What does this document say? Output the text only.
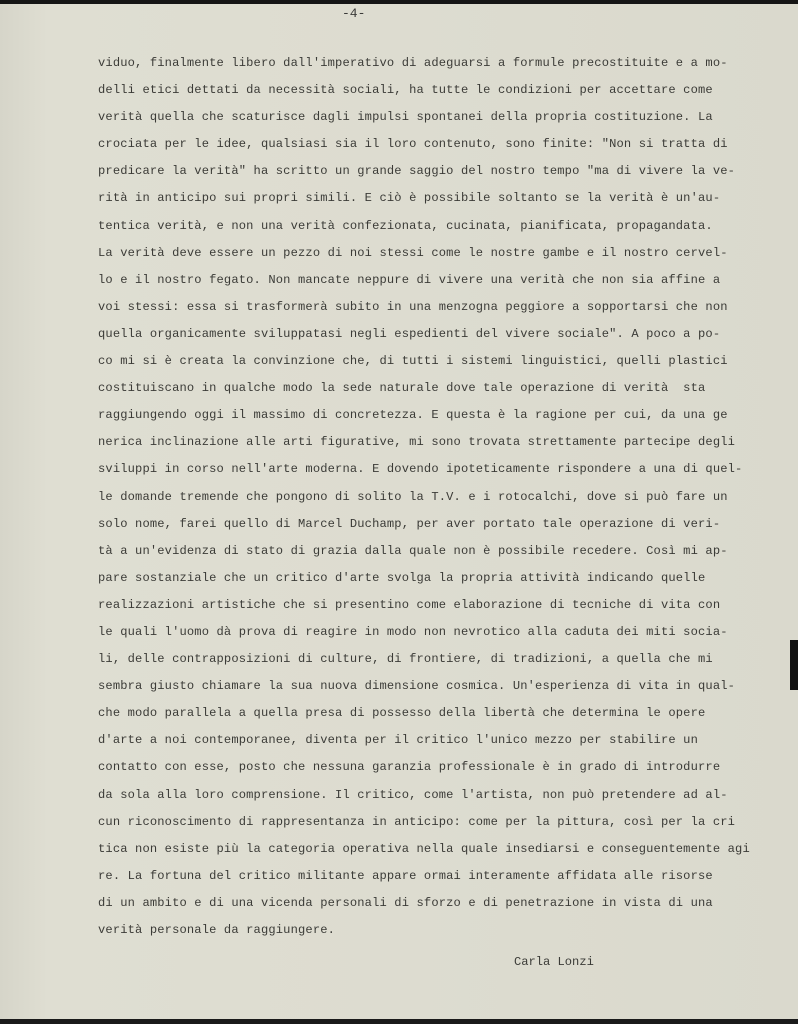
-4-
viduo, finalmente libero dall'imperativo di adeguarsi a formule precostituite e a mo-
delli etici dettati da necessità sociali, ha tutte le condizioni per accettare come
verità quella che scaturisce dagli impulsi spontanei della propria costituzione. La
crociata per le idee, qualsiasi sia il loro contenuto, sono finite: "Non si tratta di
predicare la verità" ha scritto un grande saggio del nostro tempo "ma di vivere la ve-
rità in anticipo sui propri simili. E ciò è possibile soltanto se la verità è un'au-
tentica verità, e non una verità confezionata, cucinata, pianificata, propagandata.
La verità deve essere un pezzo di noi stessi come le nostre gambe e il nostro cervel-
lo e il nostro fegato. Non mancate neppure di vivere una verità che non sia affine a
voi stessi: essa si trasformerà subito in una menzogna peggiore a sopportarsi che non
quella organicamente sviluppatasi negli espedienti del vivere sociale". A poco a po-
co mi si è creata la convinzione che, di tutti i sistemi linguistici, quelli plastici
costituiscano in qualche modo la sede naturale dove tale operazione di verità  sta
raggiungendo oggi il massimo di concretezza. E questa è la ragione per cui, da una ge
nerica inclinazione alle arti figurative, mi sono trovata strettamente partecipe degli
sviluppi in corso nell'arte moderna. E dovendo ipoteticamente rispondere a una di quel-
le domande tremende che pongono di solito la T.V. e i rotocalchi, dove si può fare un
solo nome, farei quello di Marcel Duchamp, per aver portato tale operazione di veri-
tà a un'evidenza di stato di grazia dalla quale non è possibile recedere. Così mi ap-
pare sostanziale che un critico d'arte svolga la propria attività indicando quelle
realizzazioni artistiche che si presentino come elaborazione di tecniche di vita con
le quali l'uomo dà prova di reagire in modo non nevrotico alla caduta dei miti socia-
li, delle contrapposizioni di culture, di frontiere, di tradizioni, a quella che mi
sembra giusto chiamare la sua nuova dimensione cosmica. Un'esperienza di vita in qual-
che modo parallela a quella presa di possesso della libertà che determina le opere
d'arte a noi contemporanee, diventa per il critico l'unico mezzo per stabilire un
contatto con esse, posto che nessuna garanzia professionale è in grado di introdurre
da sola alla loro comprensione. Il critico, come l'artista, non può pretendere ad al-
cun riconoscimento di rappresentanza in anticipo: come per la pittura, così per la cri
tica non esiste più la categoria operativa nella quale insediarsi e conseguentemente agi
re. La fortuna del critico militante appare ormai interamente affidata alle risorse
di un ambito e di una vicenda personali di sforzo e di penetrazione in vista di una
verità personale da raggiungere.
Carla Lonzi
